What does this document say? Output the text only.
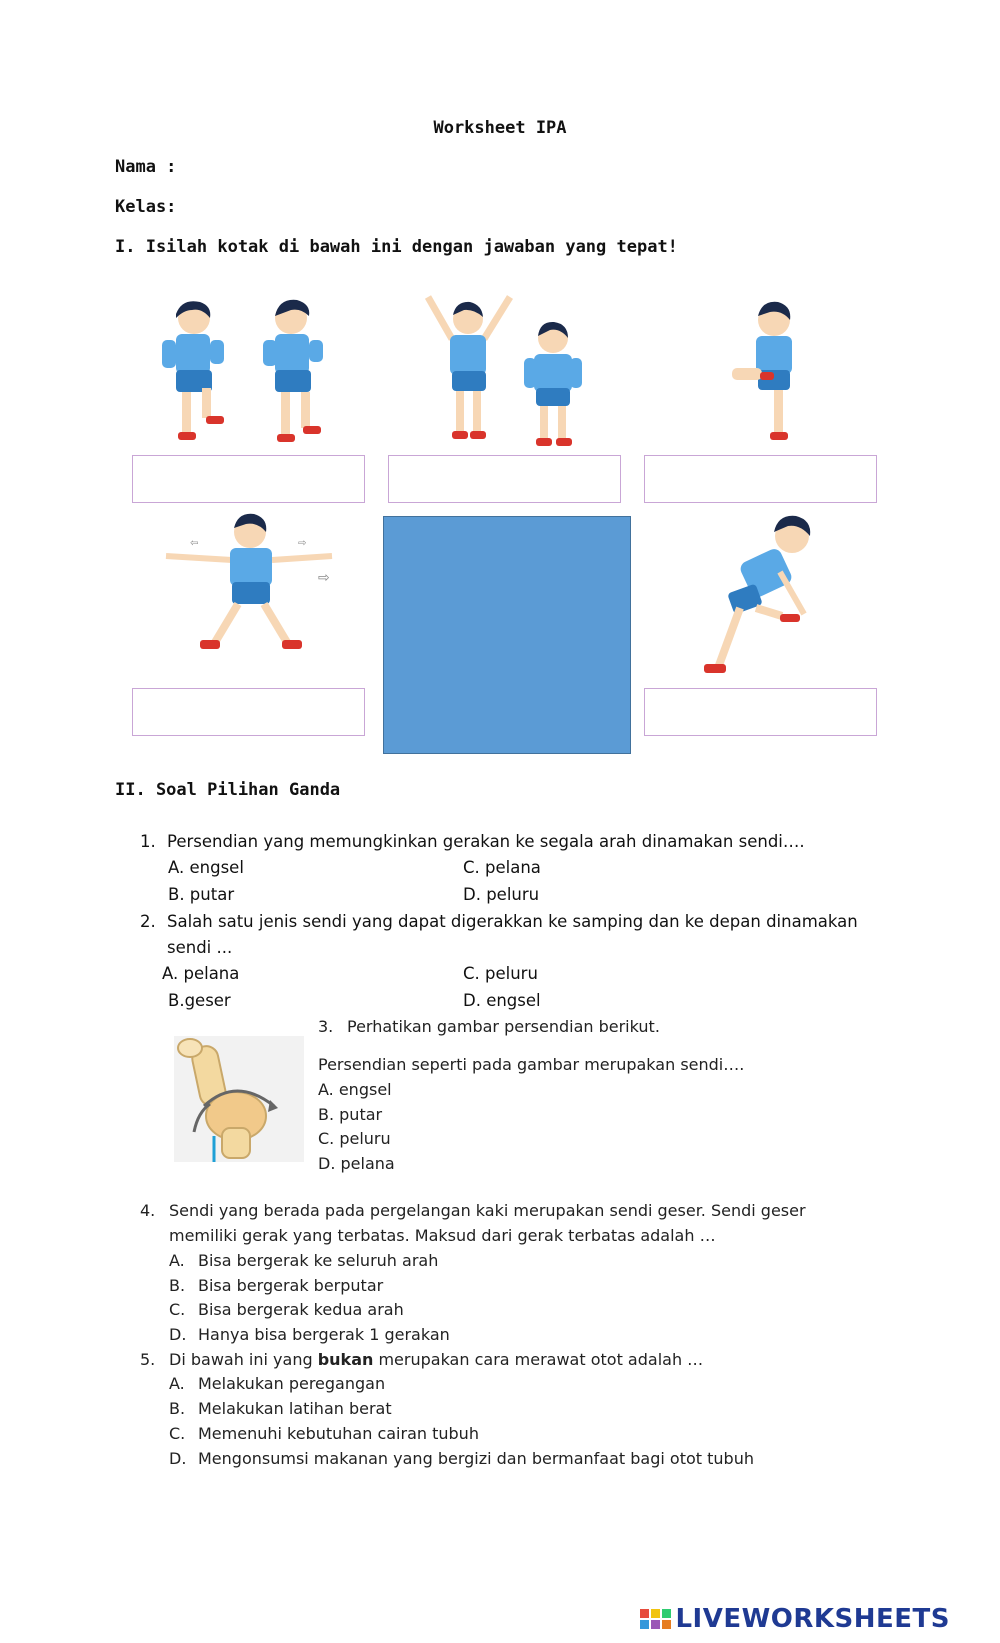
Worksheet IPA
Nama :
Kelas:
I. Isilah kotak di bawah ini dengan jawaban yang tepat!
⇦	⇨
⇨
II. Soal Pilihan Ganda
1. Persendian yang memungkinkan gerakan ke segala arah dinamakan sendi….
A. engsel	C. pelana
B. putar	D. peluru
2. Salah satu jenis sendi yang dapat digerakkan ke samping dan ke depan dinamakan
sendi ...
A. pelana	C. peluru
B.geser	D. engsel
3. Perhatikan gambar persendian berikut.
Persendian seperti pada gambar merupakan sendi….
A. engsel
B. putar
C. peluru
D. pelana
4. Sendi yang berada pada pergelangan kaki merupakan sendi geser. Sendi geser
memiliki gerak yang terbatas. Maksud dari gerak terbatas adalah …
A. Bisa bergerak ke seluruh arah
B. Bisa bergerak berputar
C. Bisa bergerak kedua arah
D. Hanya bisa bergerak 1 gerakan
5. Di bawah ini yang bukan merupakan cara merawat otot adalah …
A. Melakukan peregangan
B. Melakukan latihan berat
C. Memenuhi kebutuhan cairan tubuh
D. Mengonsumsi makanan yang bergizi dan bermanfaat bagi otot tubuh
LIVEWORKSHEETS
